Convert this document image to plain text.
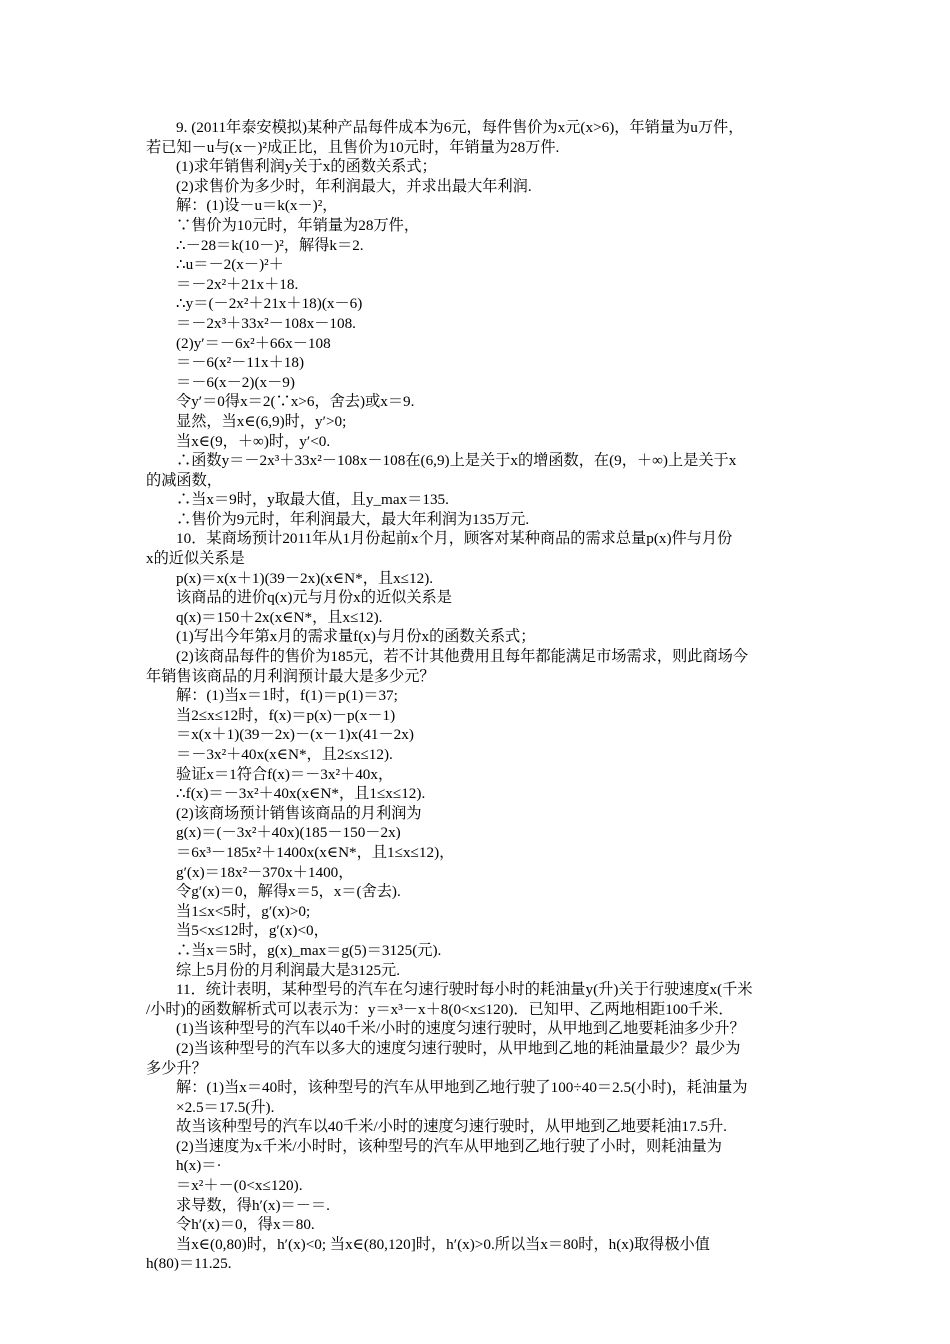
9. (2011年泰安模拟)某种产品每件成本为6元，每件售价为x元(x>6)，年销量为u万件，
若已知－u与(x－)²成正比，且售价为10元时，年销量为28万件.
(1)求年销售利润y关于x的函数关系式；
(2)求售价为多少时，年利润最大，并求出最大年利润.
解：(1)设－u＝k(x－)²，
∵售价为10元时，年销量为28万件，
∴－28＝k(10－)²，解得k＝2.
∴u＝－2(x－)²＋
＝－2x²＋21x＋18.
∴y＝(－2x²＋21x＋18)(x－6)
＝－2x³＋33x²－108x－108.
(2)y′＝－6x²＋66x－108
＝－6(x²－11x＋18)
＝－6(x－2)(x－9)
令y′＝0得x＝2(∵x>6，舍去)或x＝9.
显然，当x∈(6,9)时，y′>0;
当x∈(9，＋∞)时，y′<0.
∴函数y＝－2x³＋33x²－108x－108在(6,9)上是关于x的增函数，在(9，＋∞)上是关于x
的减函数，
∴当x＝9时，y取最大值，且y_max＝135.
∴售价为9元时，年利润最大，最大年利润为135万元.
10．某商场预计2011年从1月份起前x个月，顾客对某种商品的需求总量p(x)件与月份
x的近似关系是
p(x)＝x(x＋1)(39－2x)(x∈N*，且x≤12).
该商品的进价q(x)元与月份x的近似关系是
q(x)＝150＋2x(x∈N*，且x≤12).
(1)写出今年第x月的需求量f(x)与月份x的函数关系式；
(2)该商品每件的售价为185元，若不计其他费用且每年都能满足市场需求，则此商场今
年销售该商品的月利润预计最大是多少元？
解：(1)当x＝1时，f(1)＝p(1)＝37;
当2≤x≤12时，f(x)＝p(x)－p(x－1)
＝x(x＋1)(39－2x)－(x－1)x(41－2x)
＝－3x²＋40x(x∈N*，且2≤x≤12).
验证x＝1符合f(x)＝－3x²＋40x，
∴f(x)＝－3x²＋40x(x∈N*，且1≤x≤12).
(2)该商场预计销售该商品的月利润为
g(x)＝(－3x²＋40x)(185－150－2x)
＝6x³－185x²＋1400x(x∈N*，且1≤x≤12)，
g′(x)＝18x²－370x＋1400，
令g′(x)＝0，解得x＝5，x＝(舍去).
当1≤x<5时，g′(x)>0;
当5<x≤12时，g′(x)<0，
∴当x＝5时，g(x)_max＝g(5)＝3125(元).
综上5月份的月利润最大是3125元.
11．统计表明，某种型号的汽车在匀速行驶时每小时的耗油量y(升)关于行驶速度x(千米
/小时)的函数解析式可以表示为：y＝x³－x＋8(0<x≤120)．已知甲、乙两地相距100千米．
(1)当该种型号的汽车以40千米/小时的速度匀速行驶时，从甲地到乙地要耗油多少升？
(2)当该种型号的汽车以多大的速度匀速行驶时，从甲地到乙地的耗油量最少？最少为
多少升？
解：(1)当x＝40时，该种型号的汽车从甲地到乙地行驶了100÷40＝2.5(小时)，耗油量为
×2.5＝17.5(升).
故当该种型号的汽车以40千米/小时的速度匀速行驶时，从甲地到乙地要耗油17.5升.
(2)当速度为x千米/小时时，该种型号的汽车从甲地到乙地行驶了小时，则耗油量为
h(x)＝·
＝x²＋－(0<x≤120).
求导数，得h′(x)＝－＝.
令h′(x)＝0，得x＝80.
当x∈(0,80)时，h′(x)<0; 当x∈(80,120]时，h′(x)>0.所以当x＝80时，h(x)取得极小值
h(80)＝11.25.
